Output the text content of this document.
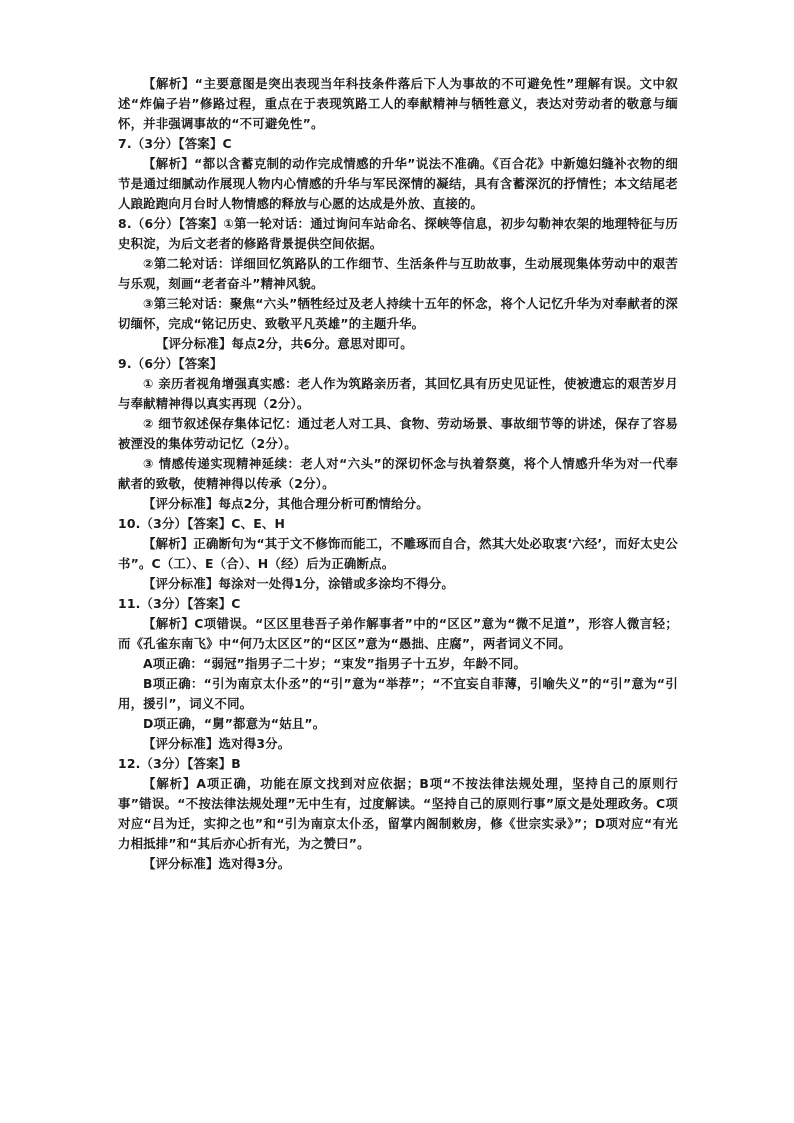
【解析】“主要意图是突出表现当年科技条件落后下人为事故的不可避免性”理解有误。文中叙述“炸偏子岩”修路过程，重点在于表现筑路工人的奉献精神与牺牲意义，表达对劳动者的敬意与缅怀，并非强调事故的“不可避免性”。

7.（3分）【答案】C

【解析】“都以含蓄克制的动作完成情感的升华”说法不准确。《百合花》中新媳妇缝补衣物的细节是通过细腻动作展现人物内心情感的升华与军民深情的凝结，具有含蓄深沉的抒情性；本文结尾老人踉跄跑向月台时人物情感的释放与心愿的达成是外放、直接的。

8.（6分）【答案】①第一轮对话：通过询问车站命名、探峡等信息，初步勾勒神农架的地理特征与历史积淀，为后文老者的修路背景提供空间依据。

②第二轮对话：详细回忆筑路队的工作细节、生活条件与互助故事，生动展现集体劳动中的艰苦与乐观，刻画“老者奋斗”精神风貌。

③第三轮对话：聚焦“六头”牺牲经过及老人持续十五年的怀念，将个人记忆升华为对奉献者的深切缅怀，完成“铭记历史、致敬平凡英雄”的主题升华。

【评分标准】每点2分，共6分。意思对即可。

9.（6分）【答案】

① 亲历者视角增强真实感：老人作为筑路亲历者，其回忆具有历史见证性，使被遗忘的艰苦岁月与奉献精神得以真实再现（2分）。

② 细节叙述保存集体记忆：通过老人对工具、食物、劳动场景、事故细节等的讲述，保存了容易被湮没的集体劳动记忆（2分）。

③ 情感传递实现精神延续：老人对“六头”的深切怀念与执着祭奠，将个人情感升华为对一代奉献者的致敬，使精神得以传承（2分）。

【评分标准】每点2分，其他合理分析可酌情给分。

10.（3分）【答案】C、E、H

【解析】正确断句为“其于文不修饰而能工，不雕琢而自合，然其大处必取衷‘六经’，而好太史公书”。C（工）、E（合）、H（经）后为正确断点。

【评分标准】每涂对一处得1分，涂错或多涂均不得分。

11.（3分）【答案】C

【解析】C项错误。“区区里巷吾子弟作解事者”中的“区区”意为“微不足道”，形容人微言轻；而《孔雀东南飞》中“何乃太区区”的“区区”意为“愚拙、庄腐”，两者词义不同。

A项正确：“弱冠”指男子二十岁；“束发”指男子十五岁，年龄不同。

B项正确：“引为南京太仆丞”的“引”意为“举荐”；“不宜妄自菲薄，引喻失义”的“引”意为“引用，援引”，词义不同。

D项正确，“舅”都意为“姑且”。

【评分标准】选对得3分。

12.（3分）【答案】B

【解析】A项正确，功能在原文找到对应依据；B项“不按法律法规处理，坚持自己的原则行事”错误。“不按法律法规处理”无中生有，过度解读。“坚持自己的原则行事”原文是处理政务。C项对应“吕为迁，实抑之也”和“引为南京太仆丞，留掌内阁制敕房，修《世宗实录》”；D项对应“有光力相抵排”和“其后亦心折有光，为之赞曰”。

【评分标准】选对得3分。
